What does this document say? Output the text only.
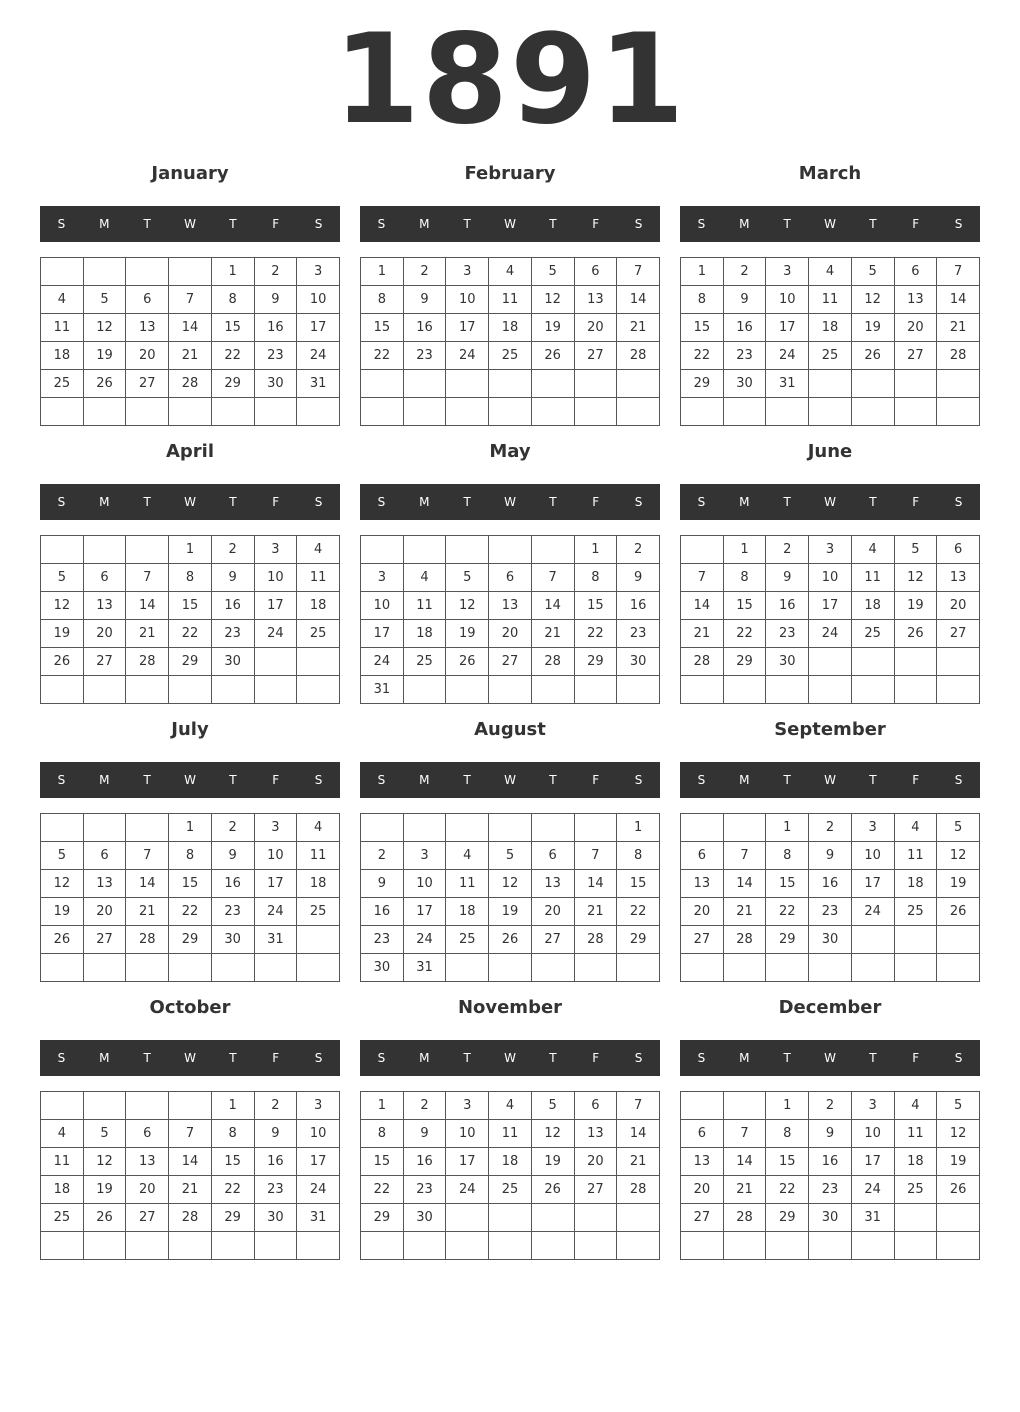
1891
January
S	M	T	W	T	F	S
				1	2	3
4	5	6	7	8	9	10
11	12	13	14	15	16	17
18	19	20	21	22	23	24
25	26	27	28	29	30	31

February
S	M	T	W	T	F	S
1	2	3	4	5	6	7
8	9	10	11	12	13	14
15	16	17	18	19	20	21
22	23	24	25	26	27	28

March
S	M	T	W	T	F	S
1	2	3	4	5	6	7
8	9	10	11	12	13	14
15	16	17	18	19	20	21
22	23	24	25	26	27	28
29	30	31				

April
S	M	T	W	T	F	S
			1	2	3	4
5	6	7	8	9	10	11
12	13	14	15	16	17	18
19	20	21	22	23	24	25
26	27	28	29	30		

May
S	M	T	W	T	F	S
					1	2
3	4	5	6	7	8	9
10	11	12	13	14	15	16
17	18	19	20	21	22	23
24	25	26	27	28	29	30
31						
June
S	M	T	W	T	F	S
	1	2	3	4	5	6
7	8	9	10	11	12	13
14	15	16	17	18	19	20
21	22	23	24	25	26	27
28	29	30				

July
S	M	T	W	T	F	S
			1	2	3	4
5	6	7	8	9	10	11
12	13	14	15	16	17	18
19	20	21	22	23	24	25
26	27	28	29	30	31	

August
S	M	T	W	T	F	S
						1
2	3	4	5	6	7	8
9	10	11	12	13	14	15
16	17	18	19	20	21	22
23	24	25	26	27	28	29
30	31					
September
S	M	T	W	T	F	S
		1	2	3	4	5
6	7	8	9	10	11	12
13	14	15	16	17	18	19
20	21	22	23	24	25	26
27	28	29	30			

October
S	M	T	W	T	F	S
				1	2	3
4	5	6	7	8	9	10
11	12	13	14	15	16	17
18	19	20	21	22	23	24
25	26	27	28	29	30	31

November
S	M	T	W	T	F	S
1	2	3	4	5	6	7
8	9	10	11	12	13	14
15	16	17	18	19	20	21
22	23	24	25	26	27	28
29	30					

December
S	M	T	W	T	F	S
		1	2	3	4	5
6	7	8	9	10	11	12
13	14	15	16	17	18	19
20	21	22	23	24	25	26
27	28	29	30	31		
